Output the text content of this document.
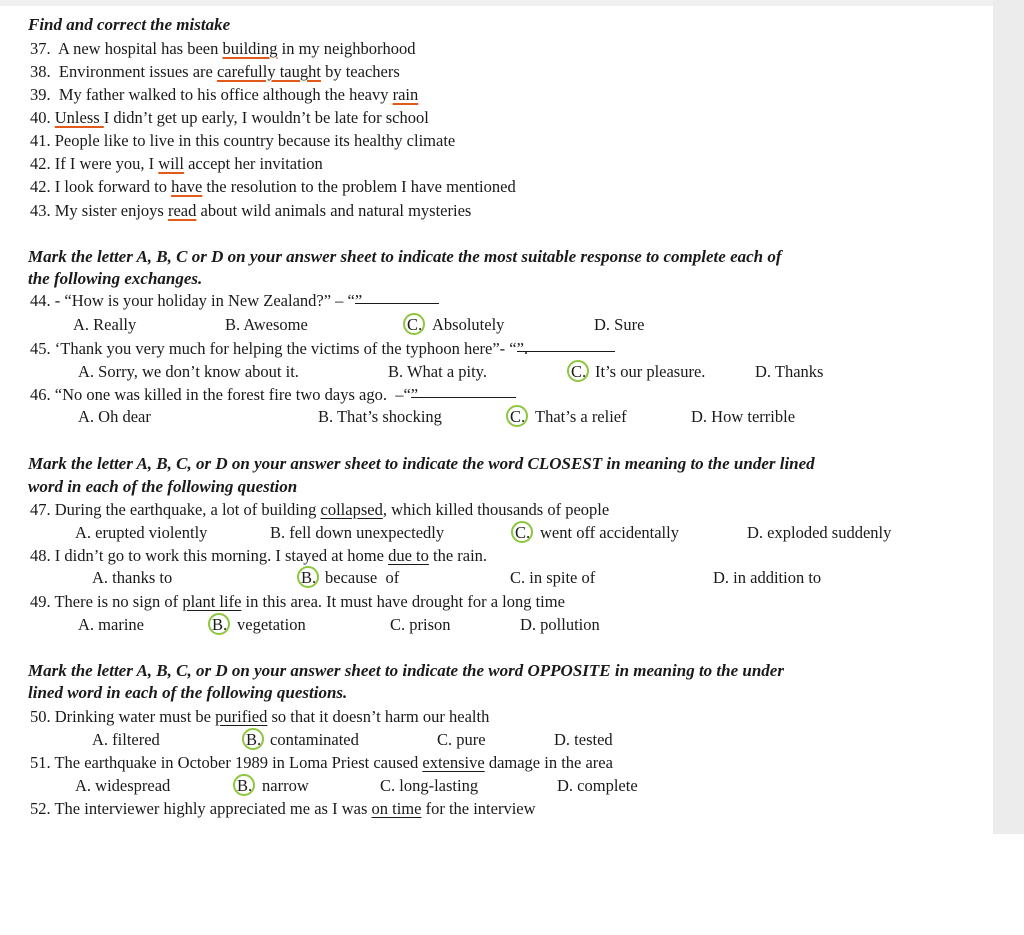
Find and correct the mistake
37.  A new hospital has been building in my neighborhood
38.  Environment issues are carefully taught by teachers
39.  My father walked to his office although the heavy rain
40. Unless I didn’t get up early, I wouldn’t be late for school
41. People like to live in this country because its healthy climate
42. If I were you, I will accept her invitation
42. I look forward to have the resolution to the problem I have mentioned
43. My sister enjoys read about wild animals and natural mysteries
Mark the letter A, B, C or D on your answer sheet to indicate the most suitable response to complete each of
the following exchanges.
44. - “How is your holiday in New Zealand?” – “
”

A. Really

	B. Awesome

	C.

Absolutely

	D. Sure

45. ‘Thank you very much for helping the victims of the typhoon here”- “
”.

A. Sorry, we don’t know about it.

	B. What a pity.

	C.

It’s our pleasure.

	D. Thanks

46. “No one was killed in the forest fire two days ago.  –“
”

A. Oh dear

	B. That’s shocking

	C.

That’s a relief

	D. How terrible

Mark the letter A, B, C, or D on your answer sheet to indicate the word CLOSEST in meaning to the under lined
word in each of the following question
47. During the earthquake, a lot of building collapsed, which killed thousands of people

A. erupted violently

	B. fell down unexpectedly

	C.

went off accidentally

	D. exploded suddenly

48. I didn’t go to work this morning. I stayed at home due to the rain.

A. thanks to

	B.

because  of

	C. in spite of

	D. in addition to

49. There is no sign of plant life in this area. It must have drought for a long time

A. marine

	B.

vegetation

	C. prison

	D. pollution

Mark the letter A, B, C, or D on your answer sheet to indicate the word OPPOSITE in meaning to the under
lined word in each of the following questions.
50. Drinking water must be purified so that it doesn’t harm our health

A. filtered

	B.

contaminated

	C. pure

	D. tested

51. The earthquake in October 1989 in Loma Priest caused extensive damage in the area

A. widespread

	B.

narrow

	C. long-lasting

	D. complete

52. The interviewer highly appreciated me as I was on time for the interview
